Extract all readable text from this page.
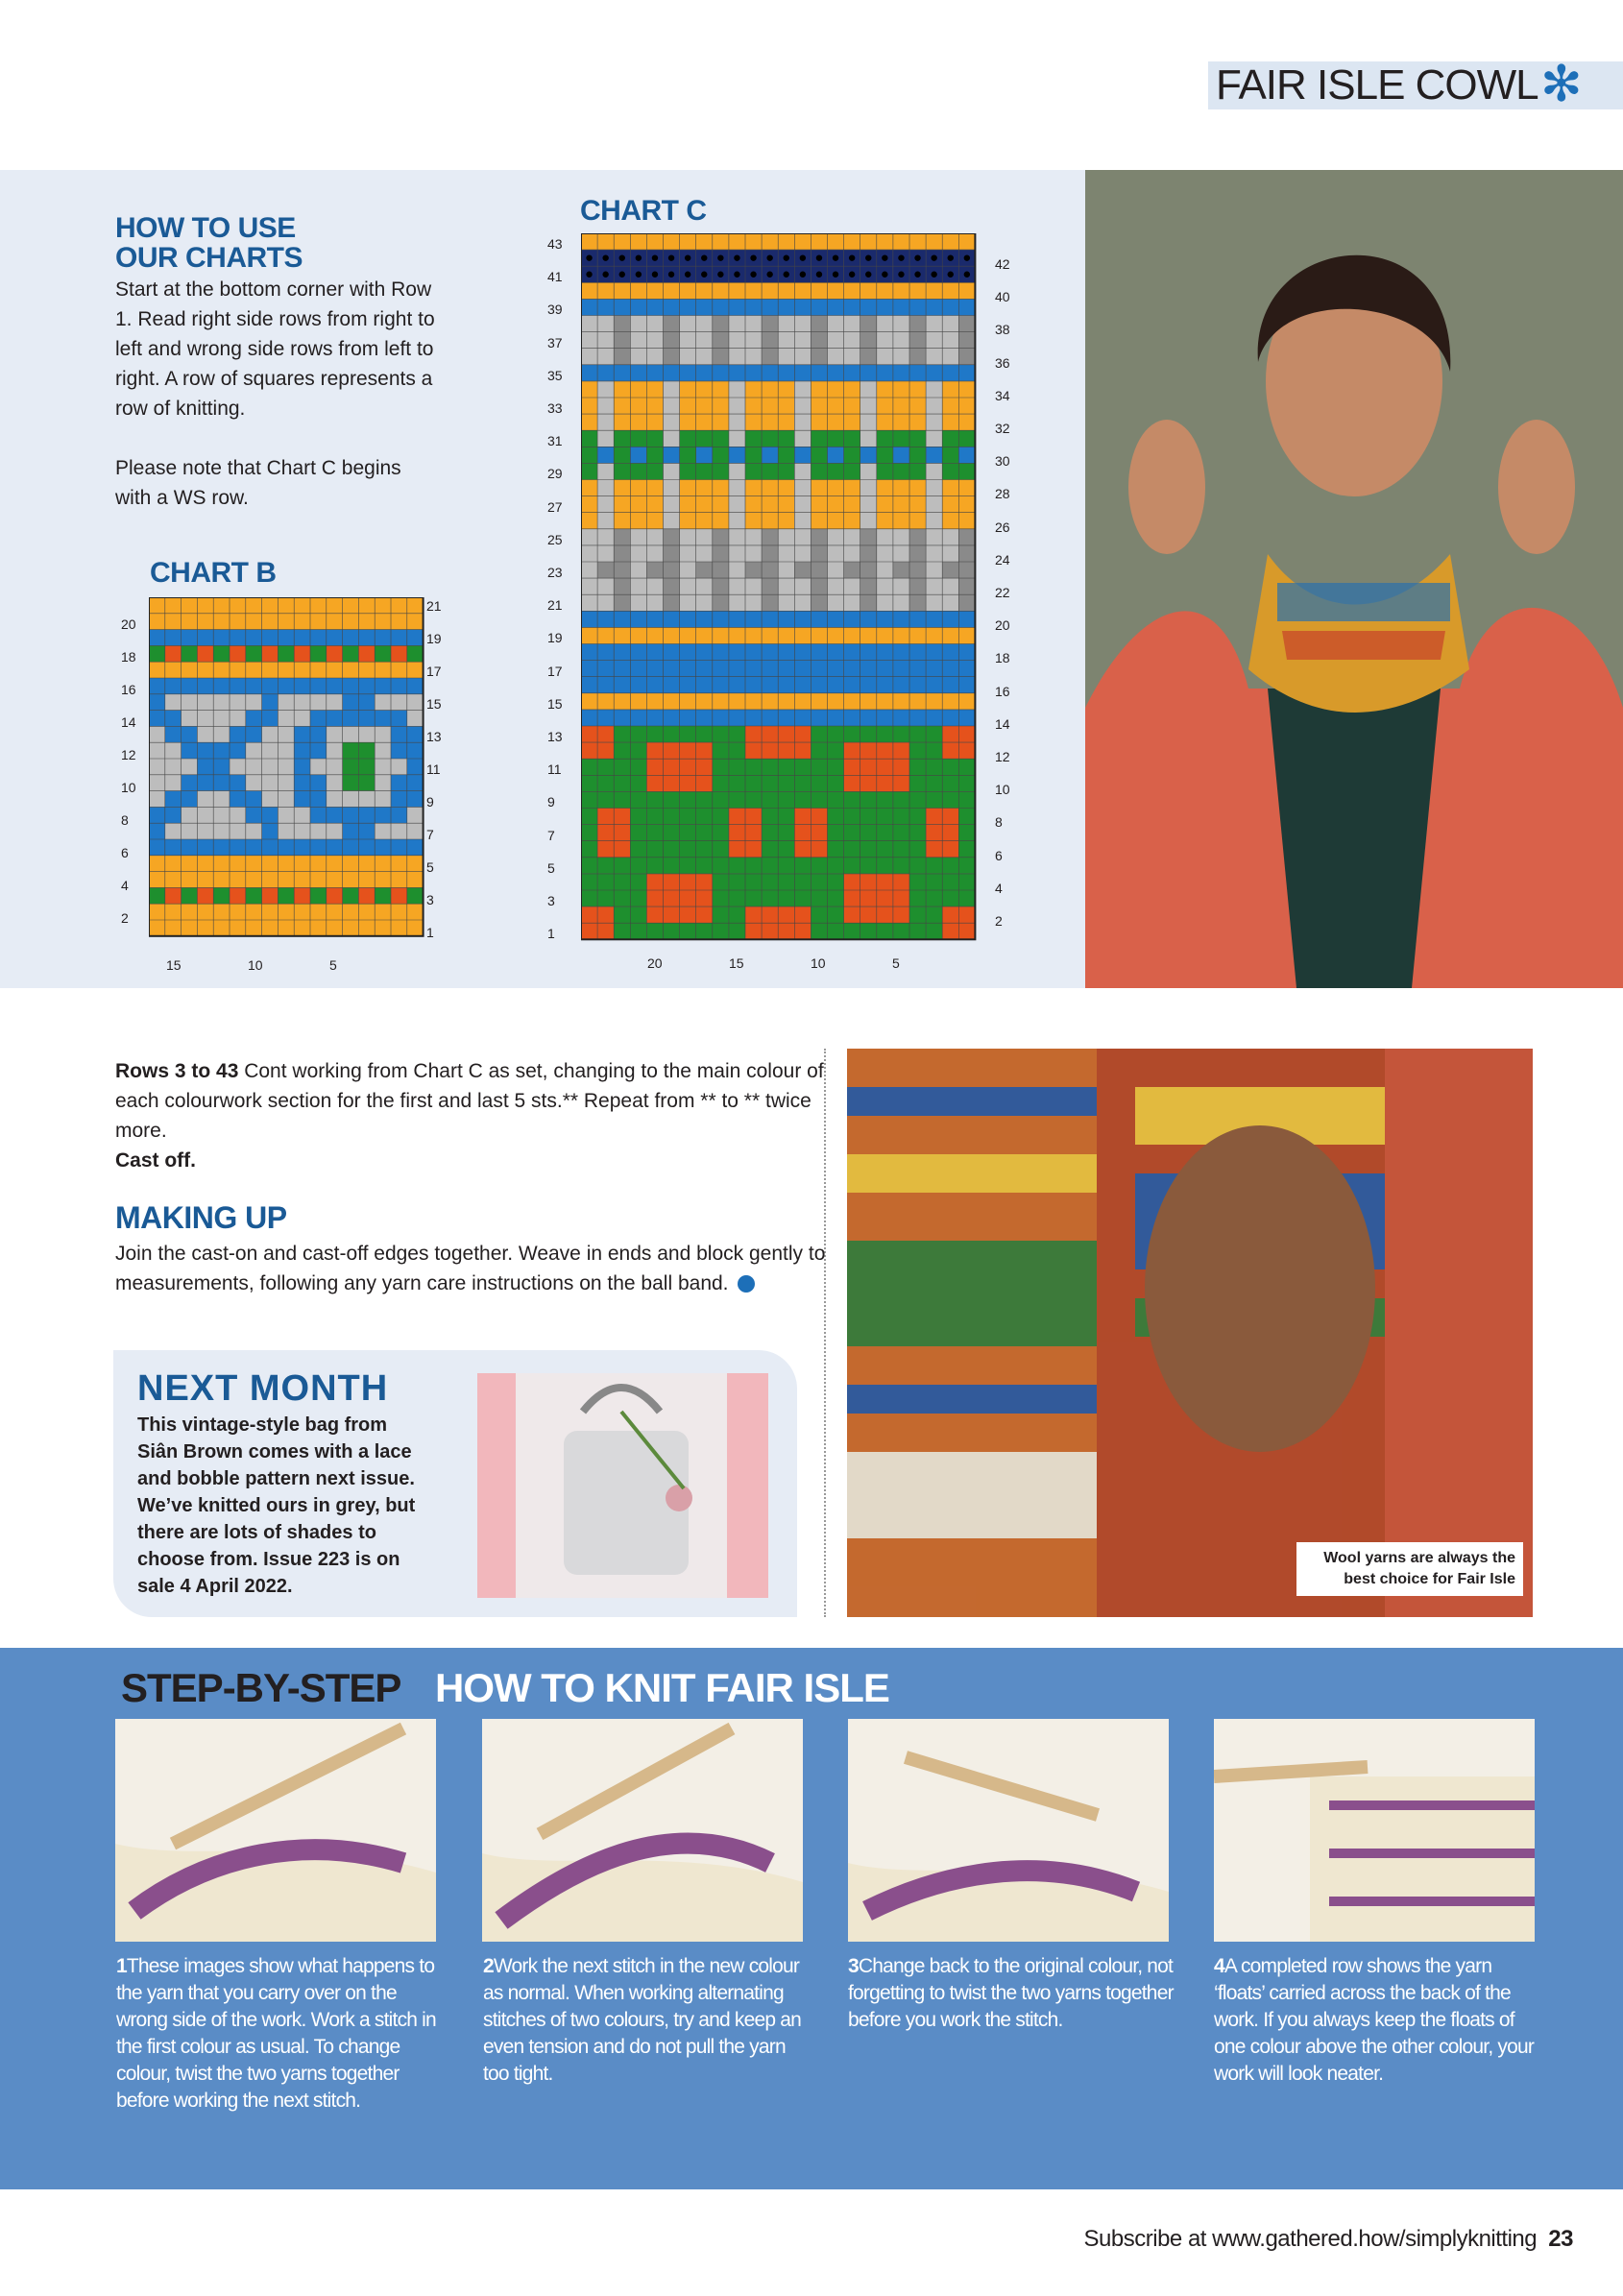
FAIR ISLE COWL ✻
HOW TO USE
OUR CHARTS
Start at the bottom corner with Row 1. Read right side rows from right to left and wrong side rows from left to right. A row of squares represents a row of knitting.
Please note that Chart C begins with a WS row.
CHART B
CHART C
20
18
16
14
12
10
8
6
4
2
21
19
17
15
13
11
9
7
5
3
1
15	10	5
43
41
39
37
35
33
31
29
27
25
23
21
19
17
15
13
11
9
7
5
3
1
42
40
38
36
34
32
30
28
26
24
22
20
18
16
14
12
10
8
6
4
2
20	15	10	5
Rows 3 to 43 Cont working from Chart C as set, changing to the main colour of each colourwork section for the first and last 5 sts.** Repeat from ** to ** twice more.
Cast off.
MAKING UP
Join the cast-on and cast-off edges together. Weave in ends and block gently to measurements, following any yarn care instructions on the ball band.
NEXT MONTH
This vintage-style bag from Siân Brown comes with a lace and bobble pattern next issue. We’ve knitted ours in grey, but there are lots of shades to choose from. Issue 223 is on sale 4 April 2022.
Wool yarns are always the best choice for Fair Isle
STEP-BY-STEP HOW TO KNIT FAIR ISLE
1These images show what happens to the yarn that you carry over on the wrong side of the work. Work a stitch in the first colour as usual. To change colour, twist the two yarns together before working the next stitch.
2Work the next stitch in the new colour as normal. When working alternating stitches of two colours, try and keep an even tension and do not pull the yarn too tight.
3Change back to the original colour, not forgetting to twist the two yarns together before you work the stitch.
4A completed row shows the yarn ‘floats’ carried across the back of the work. If you always keep the floats of one colour above the other colour, your work will look neater.
Subscribe at www.gathered.how/simplyknitting 23
